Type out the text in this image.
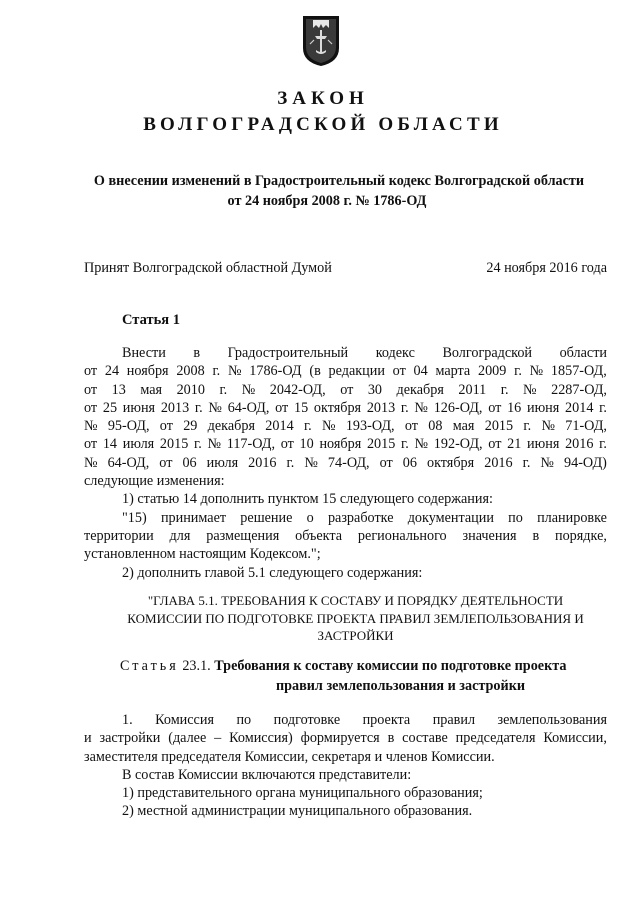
ЗАКОН
ВОЛГОГРАДСКОЙ ОБЛАСТИ
О внесении изменений в Градостроительный кодекс Волгоградской области
от 24 ноября 2008 г. № 1786-ОД
Принят Волгоградской областной Думой	24 ноября 2016 года
Статья 1
Внести в Градостроительный кодекс Волгоградской области
от 24 ноября 2008 г. № 1786-ОД (в редакции от 04 марта 2009 г. № 1857-ОД,
от 13 мая 2010 г. № 2042-ОД, от 30 декабря 2011 г. № 2287-ОД,
от 25 июня 2013 г. № 64-ОД, от 15 октября 2013 г. № 126-ОД, от 16 июня 2014 г.
№ 95-ОД, от 29 декабря 2014 г. № 193-ОД, от 08 мая 2015 г. № 71-ОД,
от 14 июля 2015 г. № 117-ОД, от 10 ноября 2015 г. № 192-ОД, от 21 июня 2016 г.
№ 64-ОД, от 06 июля 2016 г. № 74-ОД, от 06 октября 2016 г. № 94-ОД)
следующие изменения:
1) статью 14 дополнить пунктом 15 следующего содержания:
"15) принимает решение о разработке документации по планировке
территории для размещения объекта регионального значения в порядке,
установленном настоящим Кодексом.";
2) дополнить главой 5.1 следующего содержания:
"ГЛАВА 5.1. ТРЕБОВАНИЯ К СОСТАВУ И ПОРЯДКУ ДЕЯТЕЛЬНОСТИ
КОМИССИИ ПО ПОДГОТОВКЕ ПРОЕКТА ПРАВИЛ ЗЕМЛЕПОЛЬЗОВАНИЯ И
ЗАСТРОЙКИ
Статья 23.1. Требования к составу комиссии по подготовке проекта
правил землепользования и застройки
1. Комиссия по подготовке проекта правил землепользования
и застройки (далее – Комиссия) формируется в составе председателя Комиссии,
заместителя председателя Комиссии, секретаря и членов Комиссии.
В состав Комиссии включаются представители:
1) представительного органа муниципального образования;
2) местной администрации муниципального образования.
